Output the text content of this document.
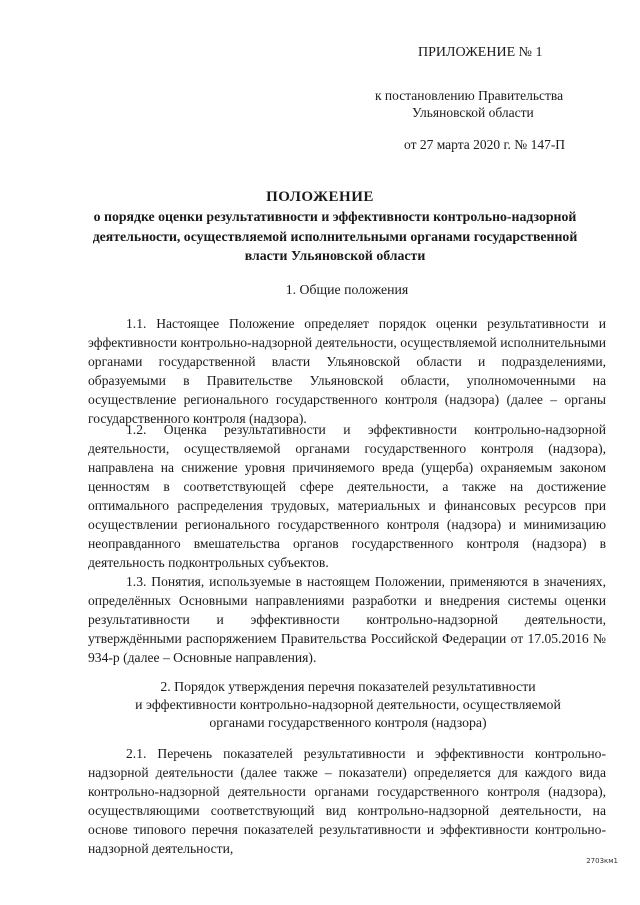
ПРИЛОЖЕНИЕ № 1
к постановлению Правительства
Ульяновской области
от 27 марта 2020 г. № 147-П
ПОЛОЖЕНИЕ
о порядке оценки результативности и эффективности контрольно-надзорной деятельности, осуществляемой исполнительными органами государственной власти Ульяновской области
1. Общие положения
1.1. Настоящее Положение определяет порядок оценки результативности и эффективности контрольно-надзорной деятельности, осуществляемой исполнительными органами государственной власти Ульяновской области и подразделениями, образуемыми в Правительстве Ульяновской области, уполномоченными на осуществление регионального государственного контроля (надзора) (далее – органы государственного контроля (надзора).
1.2. Оценка результативности и эффективности контрольно-надзорной деятельности, осуществляемой органами государственного контроля (надзора), направлена на снижение уровня причиняемого вреда (ущерба) охраняемым законом ценностям в соответствующей сфере деятельности, а также на достижение оптимального распределения трудовых, материальных и финансовых ресурсов при осуществлении регионального государственного контроля (надзора) и минимизацию неоправданного вмешательства органов государственного контроля (надзора) в деятельность подконтрольных субъектов.
1.3. Понятия, используемые в настоящем Положении, применяются в значениях, определённых Основными направлениями разработки и внедрения системы оценки результативности и эффективности контрольно-надзорной деятельности, утверждёнными распоряжением Правительства Российской Федерации от 17.05.2016 № 934-р (далее – Основные направления).
2. Порядок утверждения перечня показателей результативности
и эффективности контрольно-надзорной деятельности, осуществляемой
органами государственного контроля (надзора)
2.1. Перечень показателей результативности и эффективности контрольно-надзорной деятельности (далее также – показатели) определяется для каждого вида контрольно-надзорной деятельности органами государственного контроля (надзора), осуществляющими соответствующий вид контрольно-надзорной деятельности, на основе типового перечня показателей результативности и эффективности контрольно-надзорной деятельности,
2703км1
